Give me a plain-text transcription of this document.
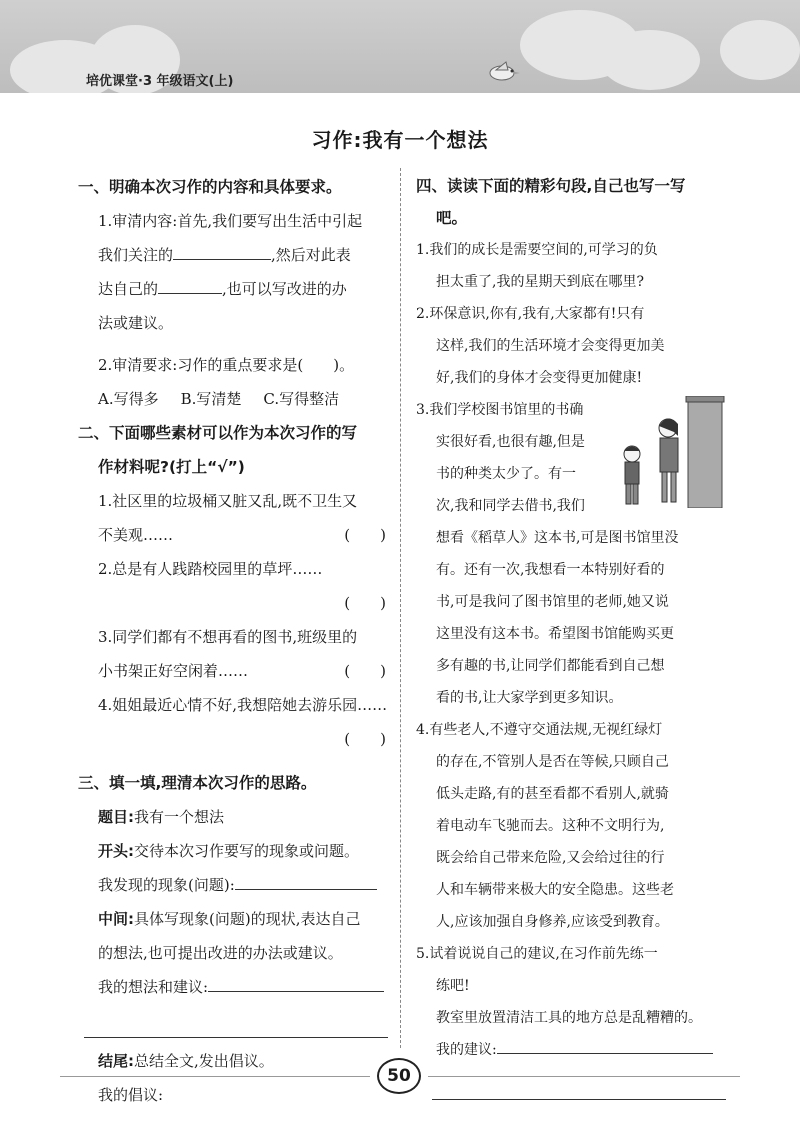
培优课堂·3 年级语文(上)
习作:我有一个想法
一、明确本次习作的内容和具体要求。
1.审清内容:首先,我们要写出生活中引起
我们关注的	,然后对此表
达自己的	,也可以写改进的办
法或建议。
2.审清要求:习作的重点要求是(　　)。
A.写得多 B.写清楚 C.写得整洁
二、下面哪些素材可以作为本次习作的写
作材料呢?(打上“√”)
1.社区里的垃圾桶又脏又乱,既不卫生又
不美观……	(　　)
2.总是有人践踏校园里的草坪……
(　　)

3.同学们都有不想再看的图书,班级里的
小书架正好空闲着……	(　　)
4.姐姐最近心情不好,我想陪她去游乐园……
(　　)

三、填一填,理清本次习作的思路。
题目:我有一个想法
开头:交待本次习作要写的现象或问题。
我发现的现象(问题):
中间:具体写现象(问题)的现状,表达自己
的想法,也可提出改进的办法或建议。
我的想法和建议:
结尾:总结全文,发出倡议。
我的倡议:
四、读读下面的精彩句段,自己也写一写
吧。
1.我们的成长是需要空间的,可学习的负
担太重了,我的星期天到底在哪里?
2.环保意识,你有,我有,大家都有!只有
这样,我们的生活环境才会变得更加美
好,我们的身体才会变得更加健康!
3.我们学校图书馆里的书确
实很好看,也很有趣,但是
书的种类太少了。有一
次,我和同学去借书,我们
想看《稻草人》这本书,可是图书馆里没
有。还有一次,我想看一本特别好看的
书,可是我问了图书馆里的老师,她又说
这里没有这本书。希望图书馆能购买更
多有趣的书,让同学们都能看到自己想
看的书,让大家学到更多知识。
4.有些老人,不遵守交通法规,无视红绿灯
的存在,不管别人是否在等候,只顾自己
低头走路,有的甚至看都不看别人,就骑
着电动车飞驰而去。这种不文明行为,
既会给自己带来危险,又会给过往的行
人和车辆带来极大的安全隐患。这些老
人,应该加强自身修养,应该受到教育。
5.试着说说自己的建议,在习作前先练一
练吧!
教室里放置清洁工具的地方总是乱糟糟的。
我的建议:
50
